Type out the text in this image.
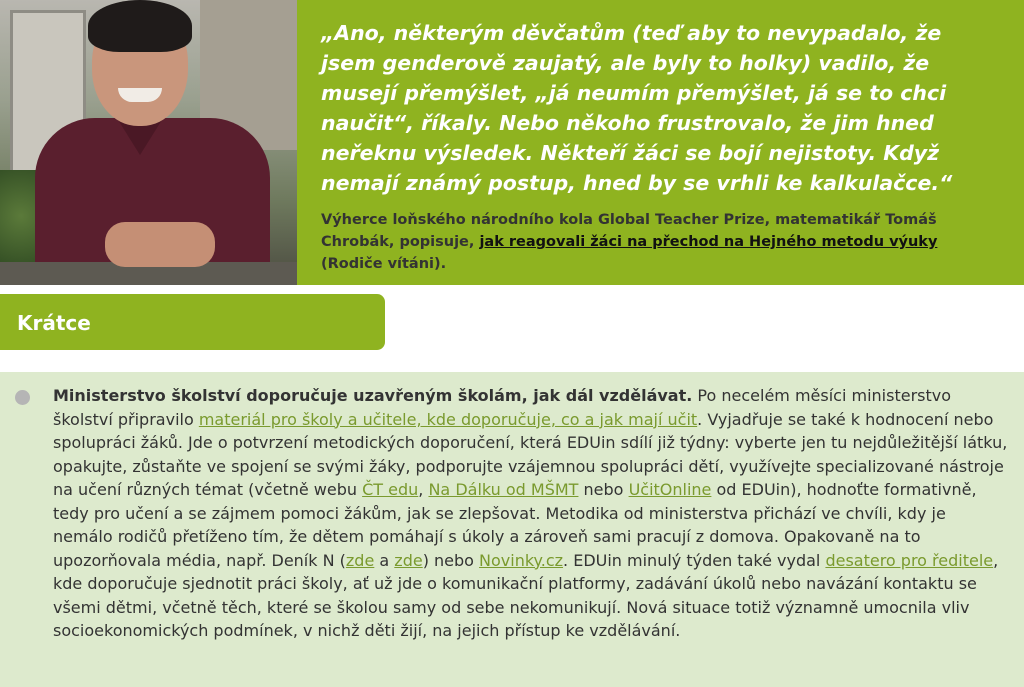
„Ano, některým děvčatům (teď aby to nevypadalo, že jsem genderově zaujatý, ale byly to holky) vadilo, že musejí přemýšlet, „já neumím přemýšlet, já se to chci naučit“, říkaly. Nebo někoho frustrovalo, že jim hned neřeknu výsledek. Někteří žáci se bojí nejistoty. Když nemají známý postup, hned by se vrhli ke kalkulačce.“

Výherce loňského národního kola Global Teacher Prize, matematikář Tomáš Chrobák, popisuje, jak reagovali žáci na přechod na Hejného metodu výuky (Rodiče vítáni).

Krátce

Ministerstvo školství doporučuje uzavřeným školám, jak dál vzdělávat. Po necelém měsíci ministerstvo školství připravilo materiál pro školy a učitele, kde doporučuje, co a jak mají učit. Vyjadřuje se také k hodnocení nebo spolupráci žáků. Jde o potvrzení metodických doporučení, která EDUin sdílí již týdny: vyberte jen tu nejdůležitější látku, opakujte, zůstaňte ve spojení se svými žáky, podporujte vzájemnou spolupráci dětí, využívejte specializované nástroje na učení různých témat (včetně webu ČT edu, Na Dálku od MŠMT nebo UčitOnline od EDUin), hodnoťte formativně, tedy pro učení a se zájmem pomoci žákům, jak se zlepšovat. Metodika od ministerstva přichází ve chvíli, kdy je nemálo rodičů přetíženo tím, že dětem pomáhají s úkoly a zároveň sami pracují z domova. Opakovaně na to upozorňovala média, např. Deník N (zde a zde) nebo Novinky.cz. EDUin minulý týden také vydal desatero pro ředitele, kde doporučuje sjednotit práci školy, ať už jde o komunikační platformy, zadávání úkolů nebo navázání kontaktu se všemi dětmi, včetně těch, které se školou samy od sebe nekomunikují. Nová situace totiž významně umocnila vliv socioekonomických podmínek, v nichž děti žijí, na jejich přístup ke vzdělávání.
